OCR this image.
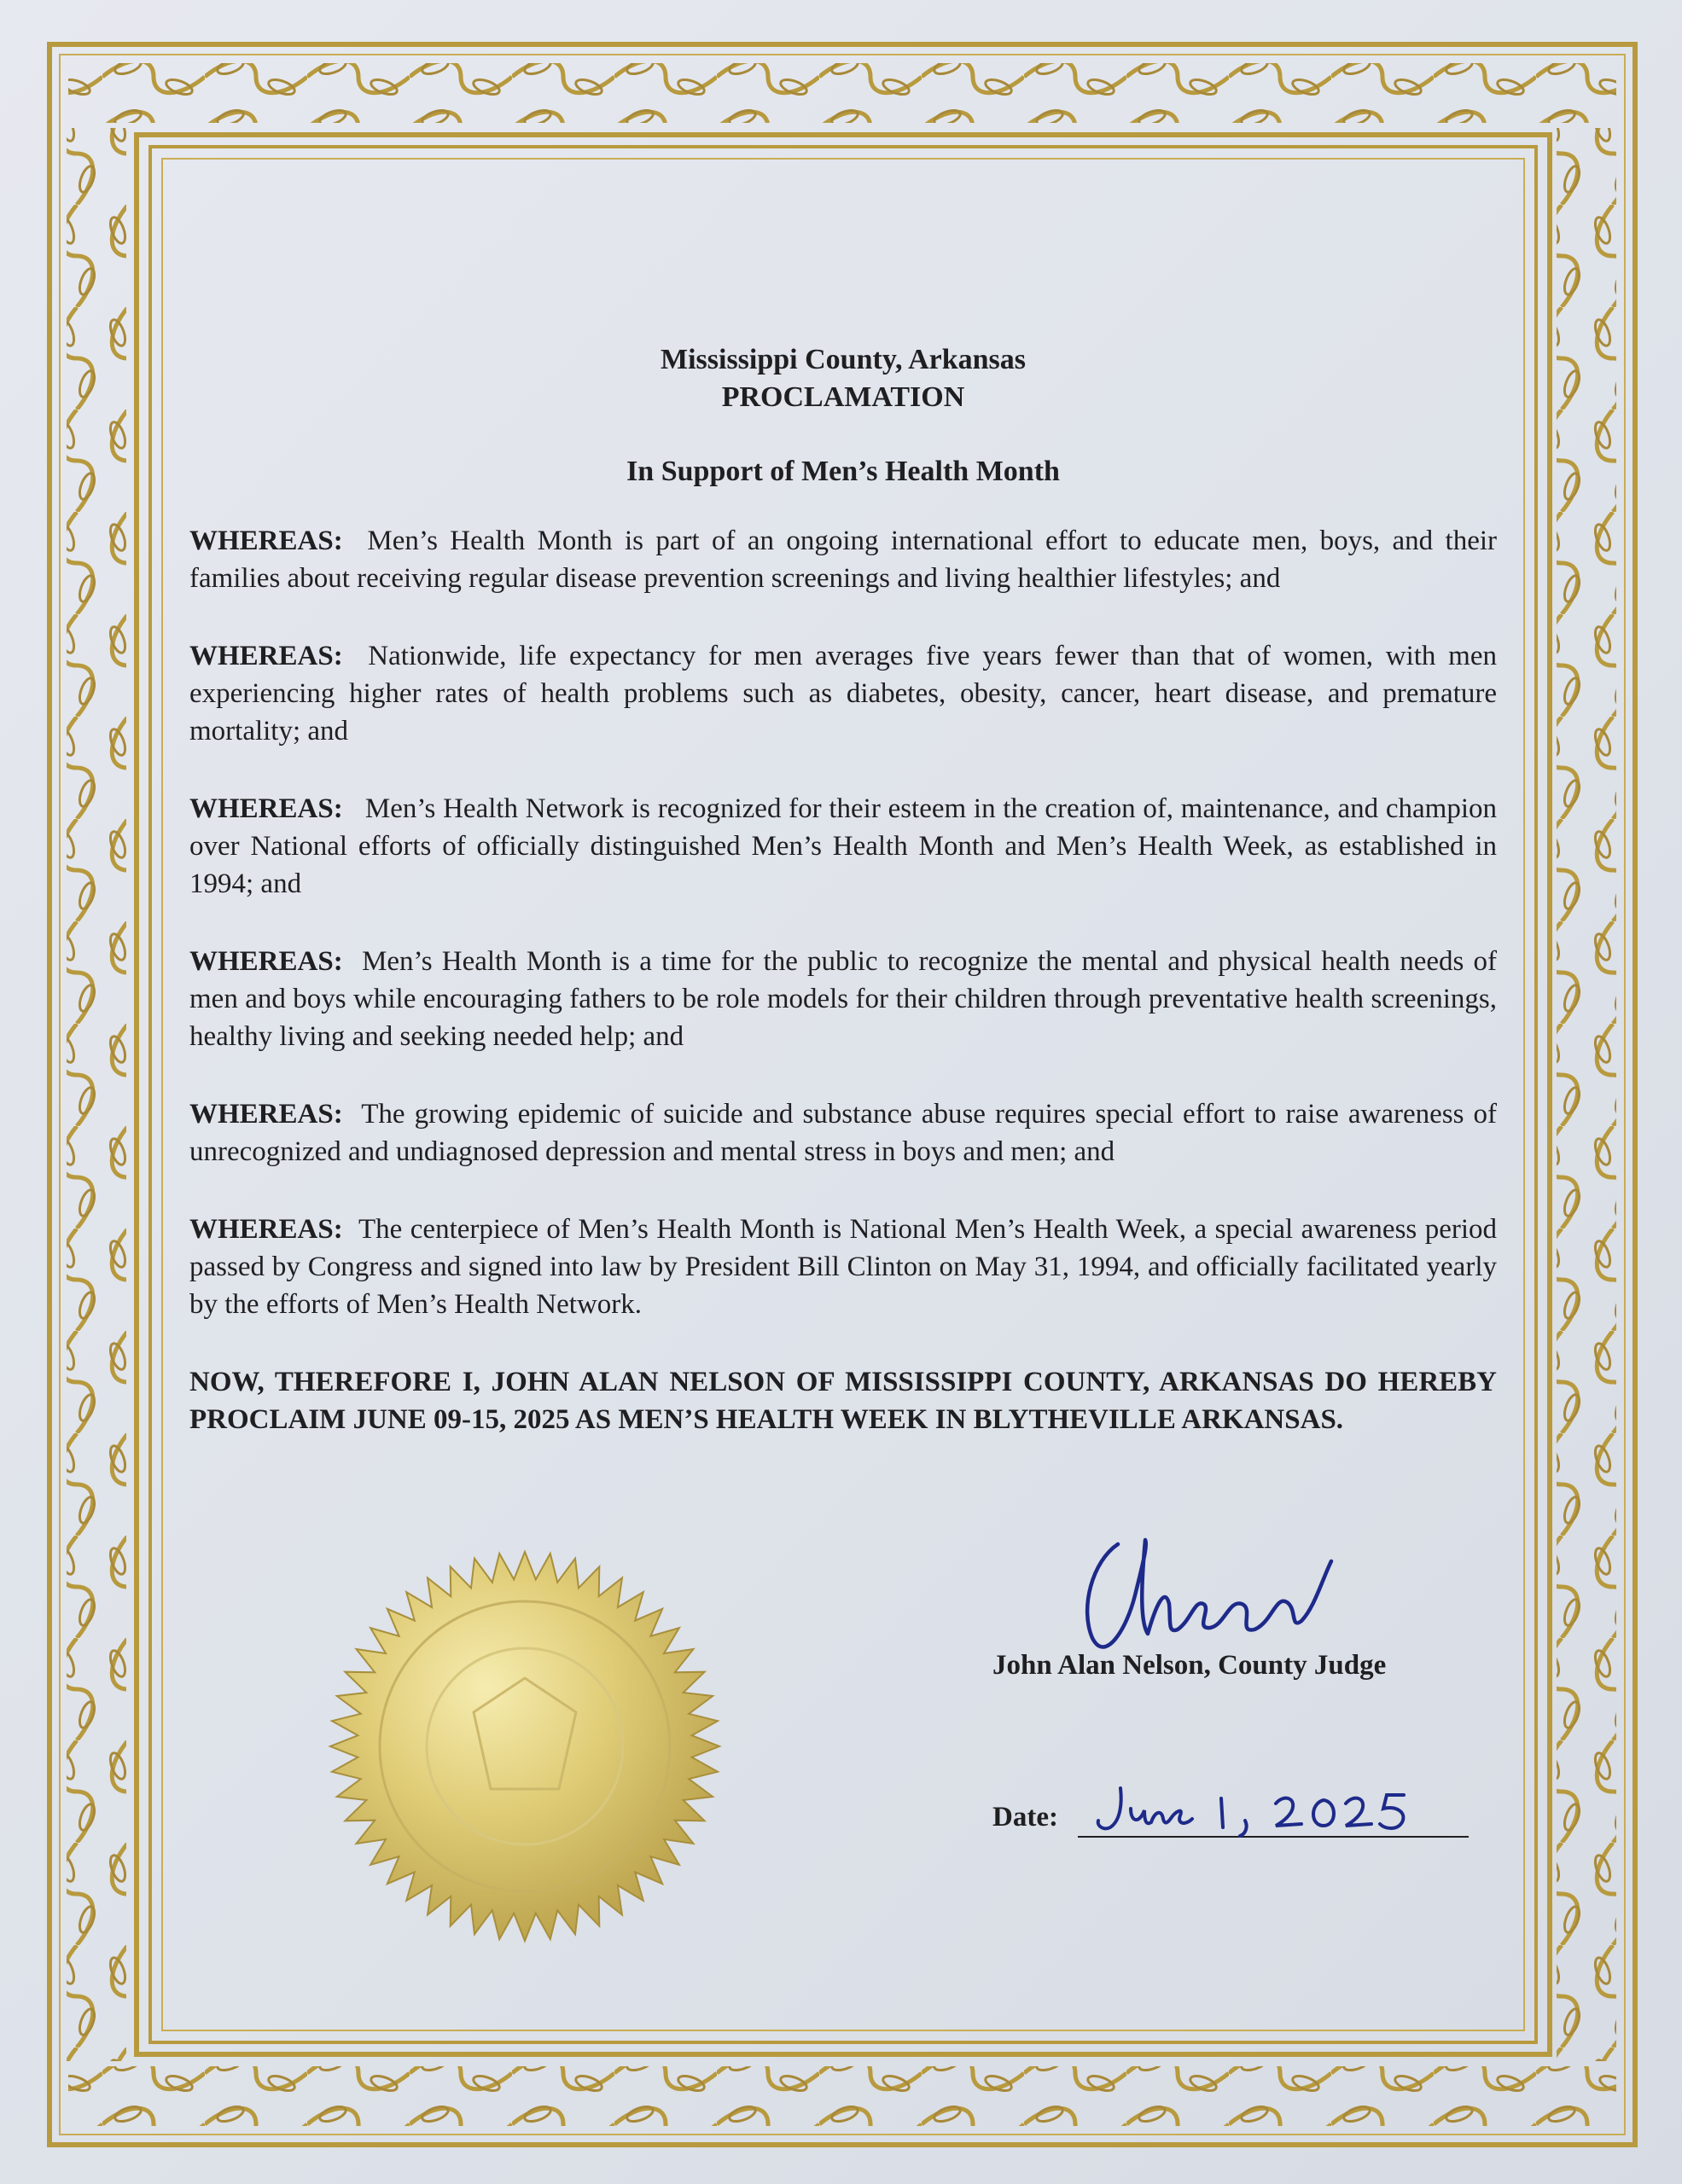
Mississippi County, Arkansas
PROCLAMATION
In Support of Men’s Health Month

WHEREAS: Men’s Health Month is part of an ongoing international effort to educate men, boys, and their families about receiving regular disease prevention screenings and living healthier lifestyles; and

WHEREAS: Nationwide, life expectancy for men averages five years fewer than that of women, with men experiencing higher rates of health problems such as diabetes, obesity, cancer, heart disease, and premature mortality; and

WHEREAS: Men’s Health Network is recognized for their esteem in the creation of, maintenance, and champion over National efforts of officially distinguished Men’s Health Month and Men’s Health Week, as established in 1994; and

WHEREAS: Men’s Health Month is a time for the public to recognize the mental and physical health needs of men and boys while encouraging fathers to be role models for their children through preventative health screenings, healthy living and seeking needed help; and

WHEREAS: The growing epidemic of suicide and substance abuse requires special effort to raise awareness of unrecognized and undiagnosed depression and mental stress in boys and men; and

WHEREAS: The centerpiece of Men’s Health Month is National Men’s Health Week, a special awareness period passed by Congress and signed into law by President Bill Clinton on May 31, 1994, and officially facilitated yearly by the efforts of Men’s Health Network.

NOW, THEREFORE I, JOHN ALAN NELSON OF MISSISSIPPI COUNTY, ARKANSAS DO HEREBY PROCLAIM JUNE 09-15, 2025 AS MEN’S HEALTH WEEK IN BLYTHEVILLE ARKANSAS.

John Alan Nelson, County Judge
Date:
